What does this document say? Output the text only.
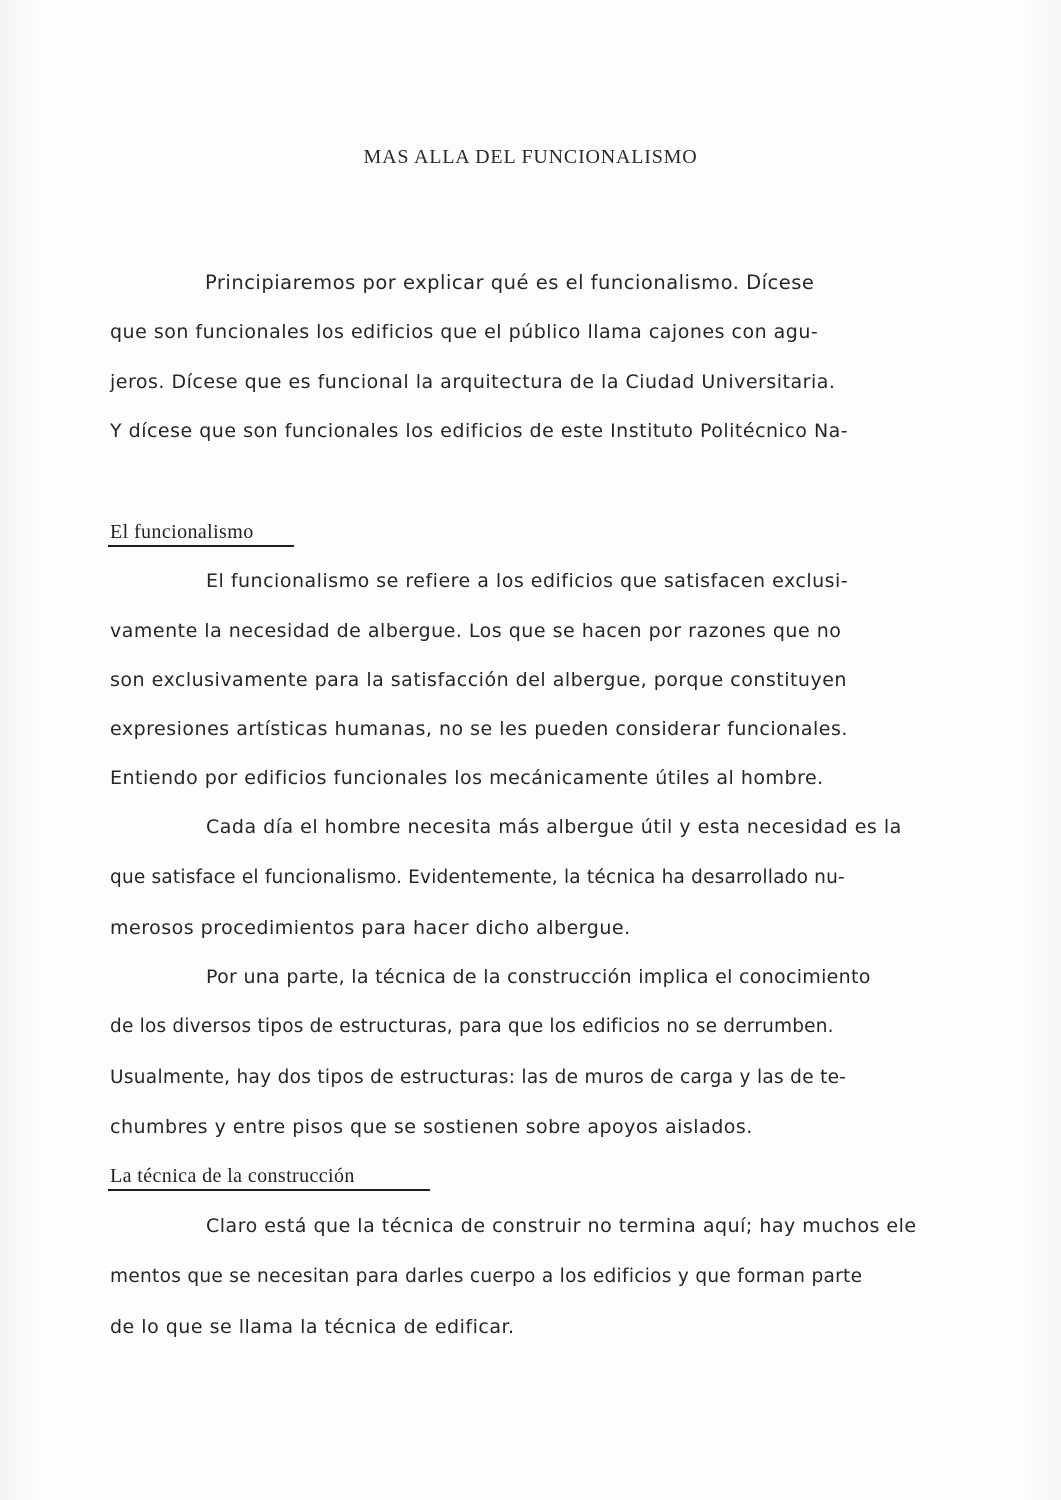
MAS ALLA DEL FUNCIONALISMO
Principiaremos por explicar qué es el funcionalismo. Dícese
que son funcionales los edificios que el público llama cajones con agu-
jeros. Dícese que es funcional la arquitectura de la Ciudad Universitaria.
Y dícese que son funcionales los edificios de este Instituto Politécnico Na-
El funcionalismo
El funcionalismo se refiere a los edificios que satisfacen exclusi-
vamente la necesidad de albergue. Los que se hacen por razones que no
son exclusivamente para la satisfacción del albergue, porque constituyen
expresiones artísticas humanas, no se les pueden considerar funcionales.
Entiendo por edificios funcionales los mecánicamente útiles al hombre.
Cada día el hombre necesita más albergue útil y esta necesidad es la
que satisface el funcionalismo. Evidentemente, la técnica ha desarrollado nu-
merosos procedimientos para hacer dicho albergue.
Por una parte, la técnica de la construcción implica el conocimiento
de los diversos tipos de estructuras, para que los edificios no se derrumben.
Usualmente, hay dos tipos de estructuras: las de muros de carga y las de te-
chumbres y entre pisos que se sostienen sobre apoyos aislados.
La técnica de la construcción
Claro está que la técnica de construir no termina aquí; hay muchos ele
mentos que se necesitan para darles cuerpo a los edificios y que forman parte
de lo que se llama la técnica de edificar.
